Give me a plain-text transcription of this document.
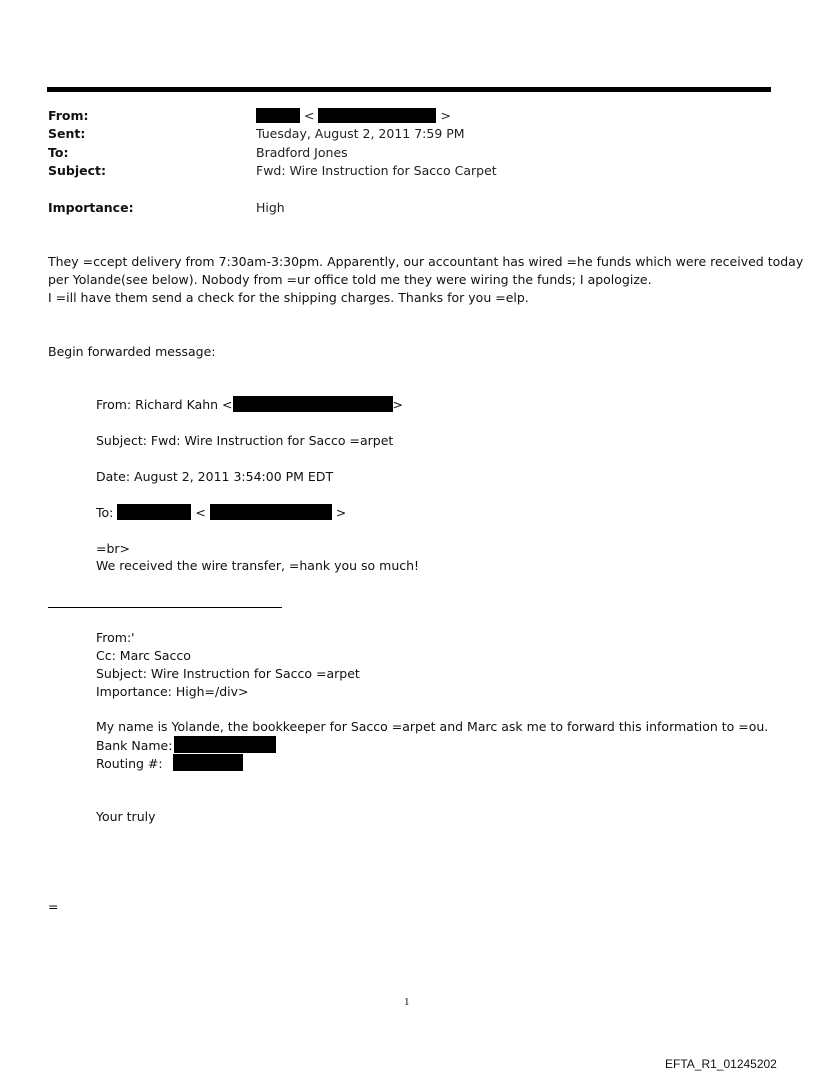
From:	<	>
Sent:	Tuesday, August 2, 2011 7:59 PM
To:	Bradford Jones
Subject:	Fwd: Wire Instruction for Sacco Carpet
Importance:	High
They =ccept delivery from 7:30am-3:30pm. Apparently, our accountant has wired =he funds which were received today
per Yolande(see below). Nobody from =ur office told me they were wiring the funds; I apologize.
I =ill have them send a check for the shipping charges. Thanks for you =elp.
Begin forwarded message:
From: Richard Kahn <	>
Subject: Fwd: Wire Instruction for Sacco =arpet
Date: August 2, 2011 3:54:00 PM EDT
To:	<	>
=br>
We received the wire transfer, =hank you so much!
From:'
Cc: Marc Sacco
Subject: Wire Instruction for Sacco =arpet
Importance: High=/div>
My name is Yolande, the bookkeeper for Sacco =arpet and Marc ask me to forward this information to =ou.
Bank Name:
Routing #:
Your truly
=
1
EFTA_R1_01245202
